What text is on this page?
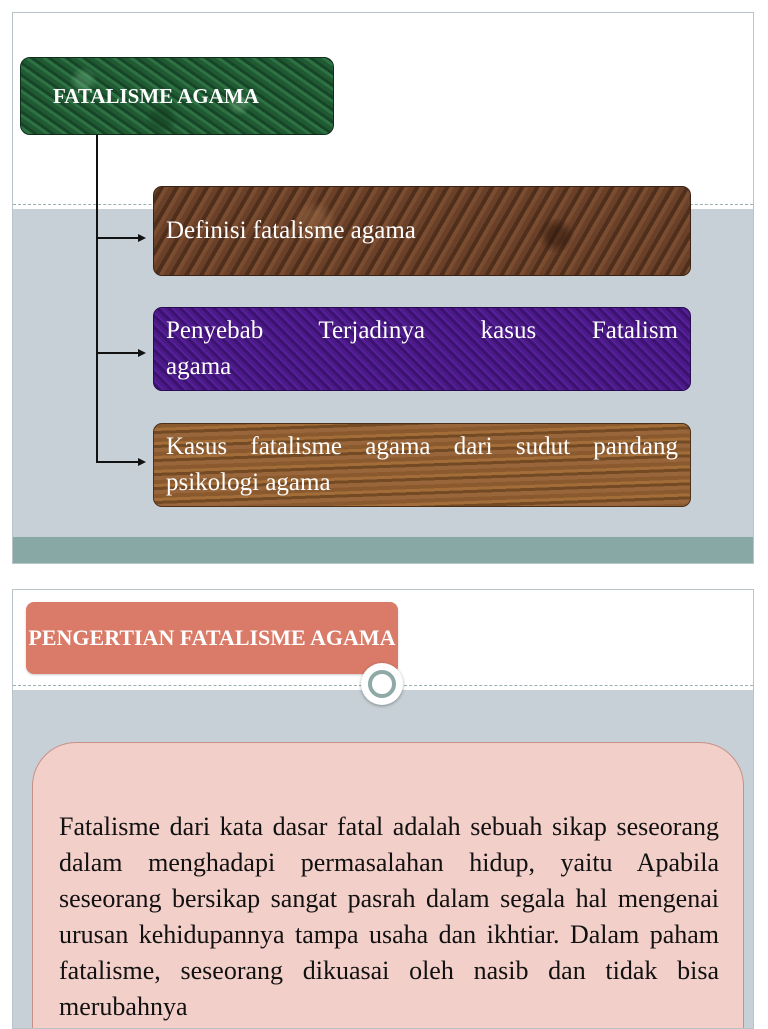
FATALISME AGAMA
Definisi fatalisme agama
Penyebab Terjadinya kasus Fatalism
agama
Kasus fatalisme agama dari sudut pandang
psikologi agama
PENGERTIAN FATALISME AGAMA
Fatalisme dari kata dasar fatal adalah sebuah sikap seseorang dalam menghadapi permasalahan hidup, yaitu Apabila seseorang bersikap sangat pasrah dalam segala hal mengenai urusan kehidupannya tampa usaha dan ikhtiar. Dalam paham fatalisme, seseorang dikuasai oleh nasib dan tidak bisa merubahnya
